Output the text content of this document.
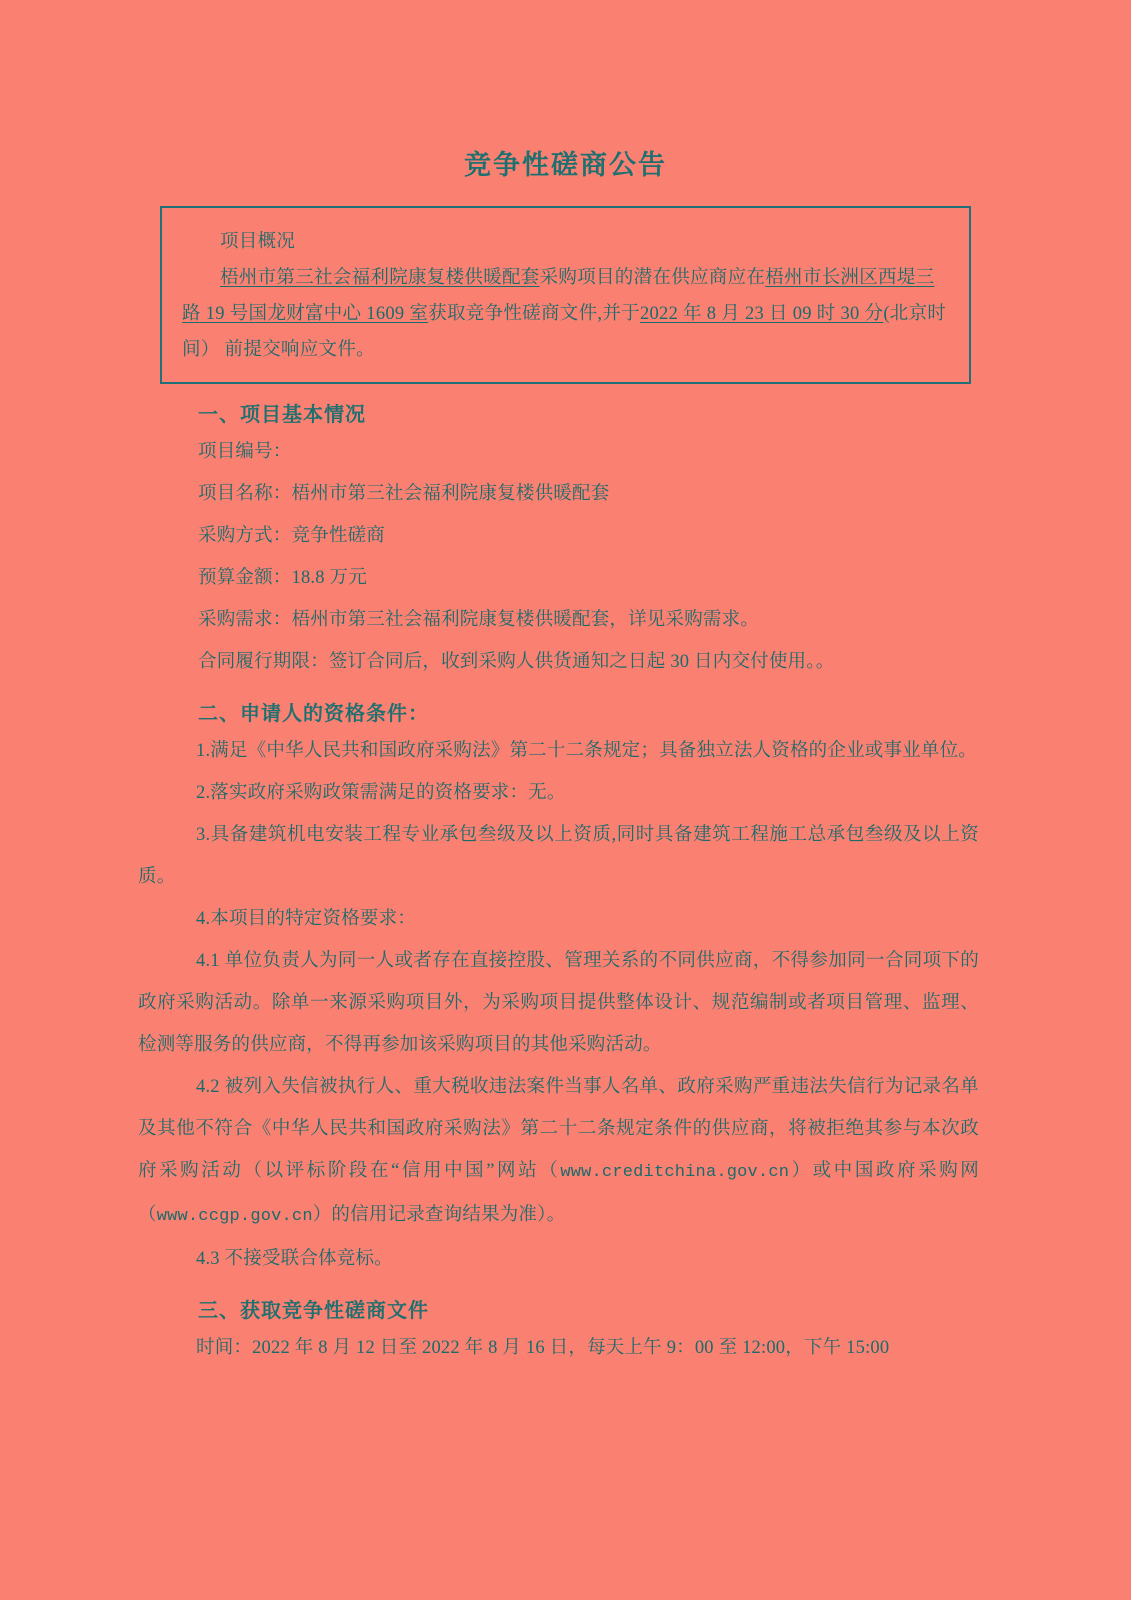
竞争性磋商公告

项目概况

梧州市第三社会福利院康复楼供暖配套采购项目的潜在供应商应在梧州市长洲区西堤三路 19 号国龙财富中心 1609 室获取竞争性磋商文件,并于2022 年 8 月 23 日 09 时 30 分(北京时间） 前提交响应文件。

一、项目基本情况

项目编号：

项目名称：梧州市第三社会福利院康复楼供暖配套

采购方式：竞争性磋商

预算金额：18.8 万元

采购需求：梧州市第三社会福利院康复楼供暖配套，详见采购需求。

合同履行期限：签订合同后，收到采购人供货通知之日起 30 日内交付使用。。

二、申请人的资格条件：

1.满足《中华人民共和国政府采购法》第二十二条规定；具备独立法人资格的企业或事业单位。

2.落实政府采购政策需满足的资格要求：无。

3.具备建筑机电安装工程专业承包叁级及以上资质,同时具备建筑工程施工总承包叁级及以上资质。

4.本项目的特定资格要求：

4.1 单位负责人为同一人或者存在直接控股、管理关系的不同供应商，不得参加同一合同项下的政府采购活动。除单一来源采购项目外，为采购项目提供整体设计、规范编制或者项目管理、监理、检测等服务的供应商，不得再参加该采购项目的其他采购活动。

4.2 被列入失信被执行人、重大税收违法案件当事人名单、政府采购严重违法失信行为记录名单及其他不符合《中华人民共和国政府采购法》第二十二条规定条件的供应商，将被拒绝其参与本次政府采购活动（以评标阶段在“信用中国”网站（www.creditchina.gov.cn）或中国政府采购网（www.ccgp.gov.cn）的信用记录查询结果为准）。

4.3 不接受联合体竞标。

三、获取竞争性磋商文件

时间：2022 年 8 月 12 日至 2022 年 8 月 16 日，每天上午 9：00 至 12:00，下午 15:00
